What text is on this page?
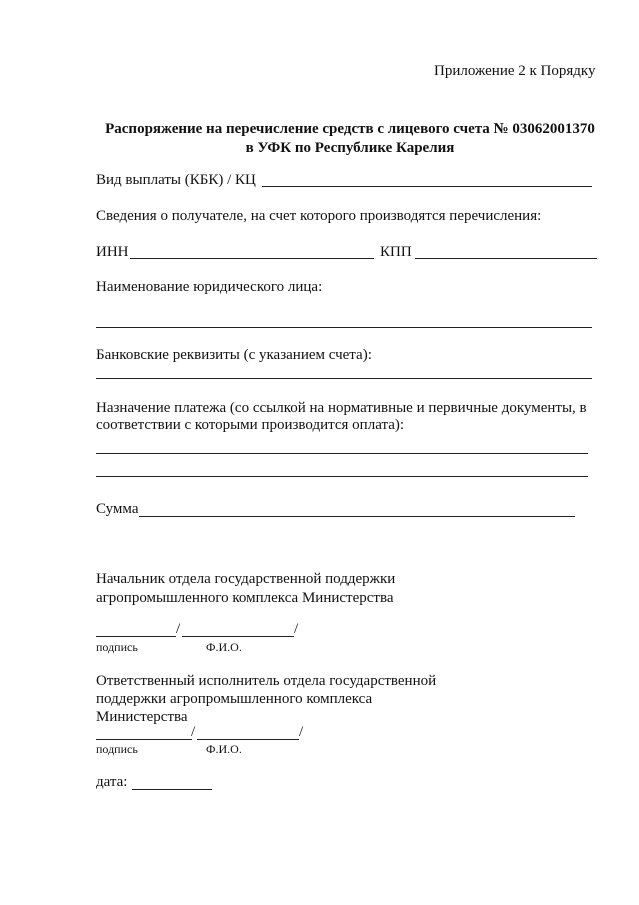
Приложение 2 к Порядку
Распоряжение на перечисление средств с лицевого счета № 03062001370
в УФК по Республике Карелия
Вид выплаты (КБК) / КЦ
Сведения о получателе, на счет которого производятся перечисления:
ИНН	КПП
Наименование юридического лица:
Банковские реквизиты (с указанием счета):
Назначение платежа (со ссылкой на нормативные и первичные документы, в
соответствии с которыми производится оплата):
Сумма
Начальник отдела государственной поддержки
агропромышленного комплекса Министерства
/	/
подпись	Ф.И.О.
Ответственный исполнитель отдела государственной
поддержки агропромышленного комплекса
Министерства
/	/
подпись	Ф.И.О.
дата:
